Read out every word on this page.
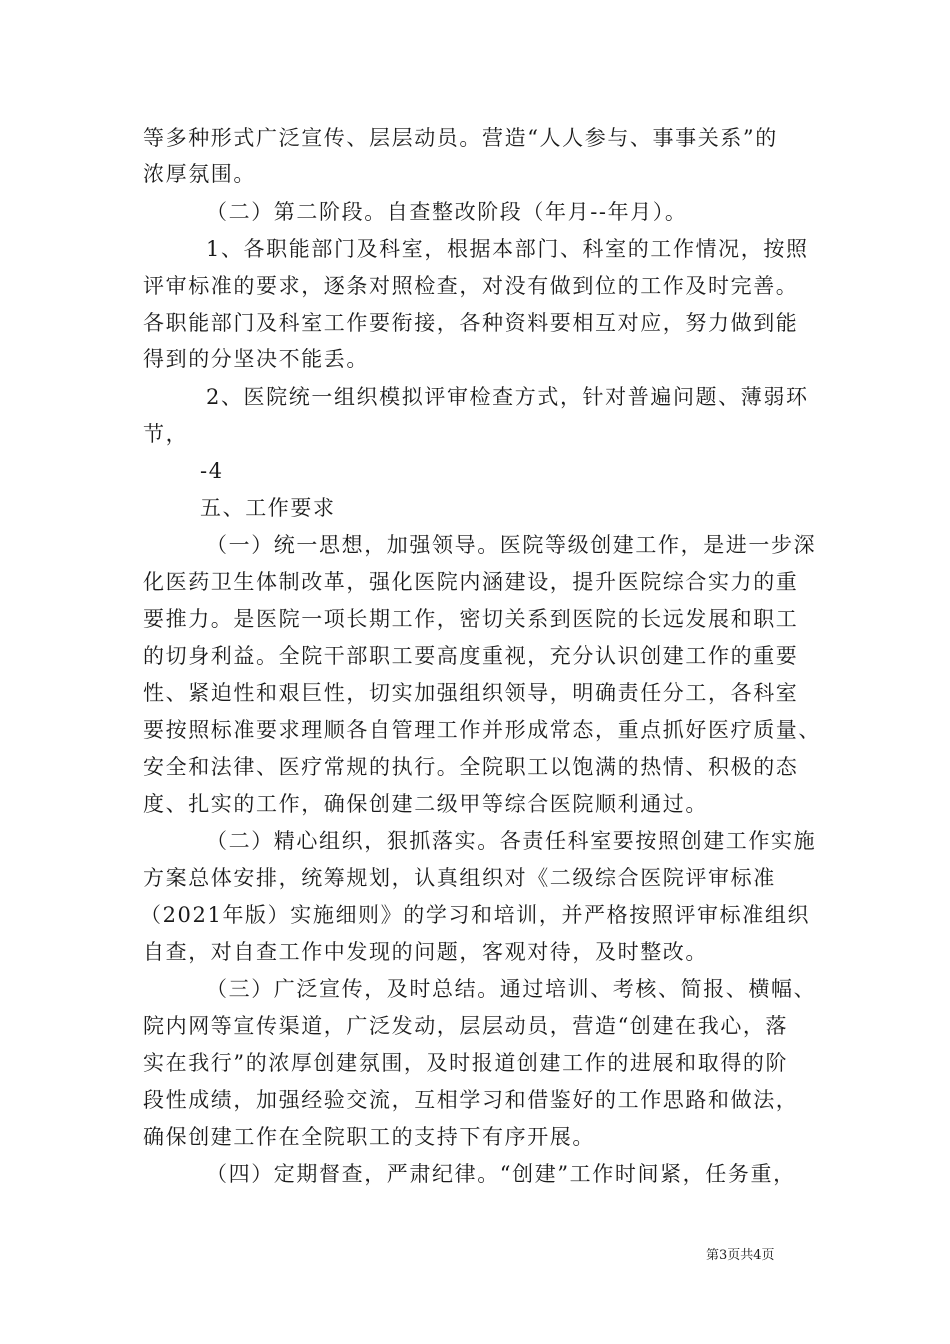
等多种形式广泛宣传、层层动员。营造“人人参与、事事关系”的
浓厚氛围。
（二）第二阶段。自查整改阶段（年月--年月）。
1、各职能部门及科室，根据本部门、科室的工作情况，按照
评审标准的要求，逐条对照检查，对没有做到位的工作及时完善。
各职能部门及科室工作要衔接，各种资料要相互对应，努力做到能
得到的分坚决不能丢。
2、医院统一组织模拟评审检查方式，针对普遍问题、薄弱环
节，
-4
五、工作要求
（一）统一思想，加强领导。医院等级创建工作，是进一步深
化医药卫生体制改革，强化医院内涵建设，提升医院综合实力的重
要推力。是医院一项长期工作，密切关系到医院的长远发展和职工
的切身利益。全院干部职工要高度重视，充分认识创建工作的重要
性、紧迫性和艰巨性，切实加强组织领导，明确责任分工，各科室
要按照标准要求理顺各自管理工作并形成常态，重点抓好医疗质量、
安全和法律、医疗常规的执行。全院职工以饱满的热情、积极的态
度、扎实的工作，确保创建二级甲等综合医院顺利通过。
（二）精心组织，狠抓落实。各责任科室要按照创建工作实施
方案总体安排，统筹规划，认真组织对《二级综合医院评审标准
（2021年版）实施细则》的学习和培训，并严格按照评审标准组织
自查，对自查工作中发现的问题，客观对待，及时整改。
（三）广泛宣传，及时总结。通过培训、考核、简报、横幅、
院内网等宣传渠道，广泛发动，层层动员，营造“创建在我心，落
实在我行”的浓厚创建氛围，及时报道创建工作的进展和取得的阶
段性成绩，加强经验交流，互相学习和借鉴好的工作思路和做法，
确保创建工作在全院职工的支持下有序开展。
（四）定期督查，严肃纪律。“创建”工作时间紧，任务重，
第3页共4页
